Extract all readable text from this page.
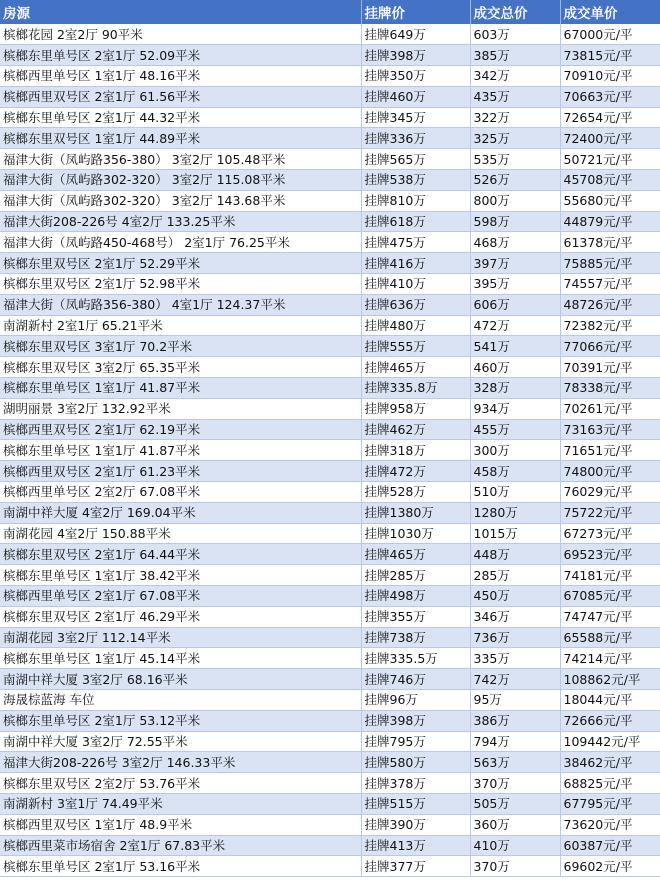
房源	挂牌价	成交总价	成交单价
槟榔花园 2室2厅 90平米	挂牌649万	603万	67000元/平
槟榔东里单号区 2室1厅 52.09平米	挂牌398万	385万	73815元/平
槟榔西里单号区 1室1厅 48.16平米	挂牌350万	342万	70910元/平
槟榔西里双号区 2室1厅 61.56平米	挂牌460万	435万	70663元/平
槟榔东里单号区 2室1厅 44.32平米	挂牌345万	322万	72654元/平
槟榔东里双号区 1室1厅 44.89平米	挂牌336万	325万	72400元/平
福津大街（凤屿路356-380） 3室2厅 105.48平米	挂牌565万	535万	50721元/平
福津大街（凤屿路302-320） 3室2厅 115.08平米	挂牌538万	526万	45708元/平
福津大街（凤屿路302-320） 3室2厅 143.68平米	挂牌810万	800万	55680元/平
福津大街208-226号 4室2厅 133.25平米	挂牌618万	598万	44879元/平
福津大街（凤屿路450-468号） 2室1厅 76.25平米	挂牌475万	468万	61378元/平
槟榔东里双号区 2室1厅 52.29平米	挂牌416万	397万	75885元/平
槟榔东里双号区 2室1厅 52.98平米	挂牌410万	395万	74557元/平
福津大街（凤屿路356-380） 4室1厅 124.37平米	挂牌636万	606万	48726元/平
南湖新村 2室1厅 65.21平米	挂牌480万	472万	72382元/平
槟榔东里双号区 3室1厅 70.2平米	挂牌555万	541万	77066元/平
槟榔东里双号区 3室2厅 65.35平米	挂牌465万	460万	70391元/平
槟榔东里单号区 1室1厅 41.87平米	挂牌335.8万	328万	78338元/平
湖明丽景 3室2厅 132.92平米	挂牌958万	934万	70261元/平
槟榔西里双号区 2室1厅 62.19平米	挂牌462万	455万	73163元/平
槟榔东里单号区 1室1厅 41.87平米	挂牌318万	300万	71651元/平
槟榔西里双号区 2室1厅 61.23平米	挂牌472万	458万	74800元/平
槟榔西里单号区 2室2厅 67.08平米	挂牌528万	510万	76029元/平
南湖中祥大厦 4室2厅 169.04平米	挂牌1380万	1280万	75722元/平
南湖花园 4室2厅 150.88平米	挂牌1030万	1015万	67273元/平
槟榔东里双号区 2室1厅 64.44平米	挂牌465万	448万	69523元/平
槟榔东里单号区 1室1厅 38.42平米	挂牌285万	285万	74181元/平
槟榔西里单号区 2室1厅 67.08平米	挂牌498万	450万	67085元/平
槟榔东里双号区 2室1厅 46.29平米	挂牌355万	346万	74747元/平
南湖花园 3室2厅 112.14平米	挂牌738万	736万	65588元/平
槟榔东里单号区 1室1厅 45.14平米	挂牌335.5万	335万	74214元/平
南湖中祥大厦 3室2厅 68.16平米	挂牌746万	742万	108862元/平
海晟棕蓝海 车位	挂牌96万	95万	18044元/平
槟榔东里单号区 2室1厅 53.12平米	挂牌398万	386万	72666元/平
南湖中祥大厦 3室2厅 72.55平米	挂牌795万	794万	109442元/平
福津大街208-226号 3室2厅 146.33平米	挂牌580万	563万	38462元/平
槟榔东里双号区 2室2厅 53.76平米	挂牌378万	370万	68825元/平
南湖新村 3室1厅 74.49平米	挂牌515万	505万	67795元/平
槟榔西里双号区 1室1厅 48.9平米	挂牌390万	360万	73620元/平
槟榔西里菜市场宿舍 2室1厅 67.83平米	挂牌413万	410万	60387元/平
槟榔东里单号区 2室1厅 53.16平米	挂牌377万	370万	69602元/平
